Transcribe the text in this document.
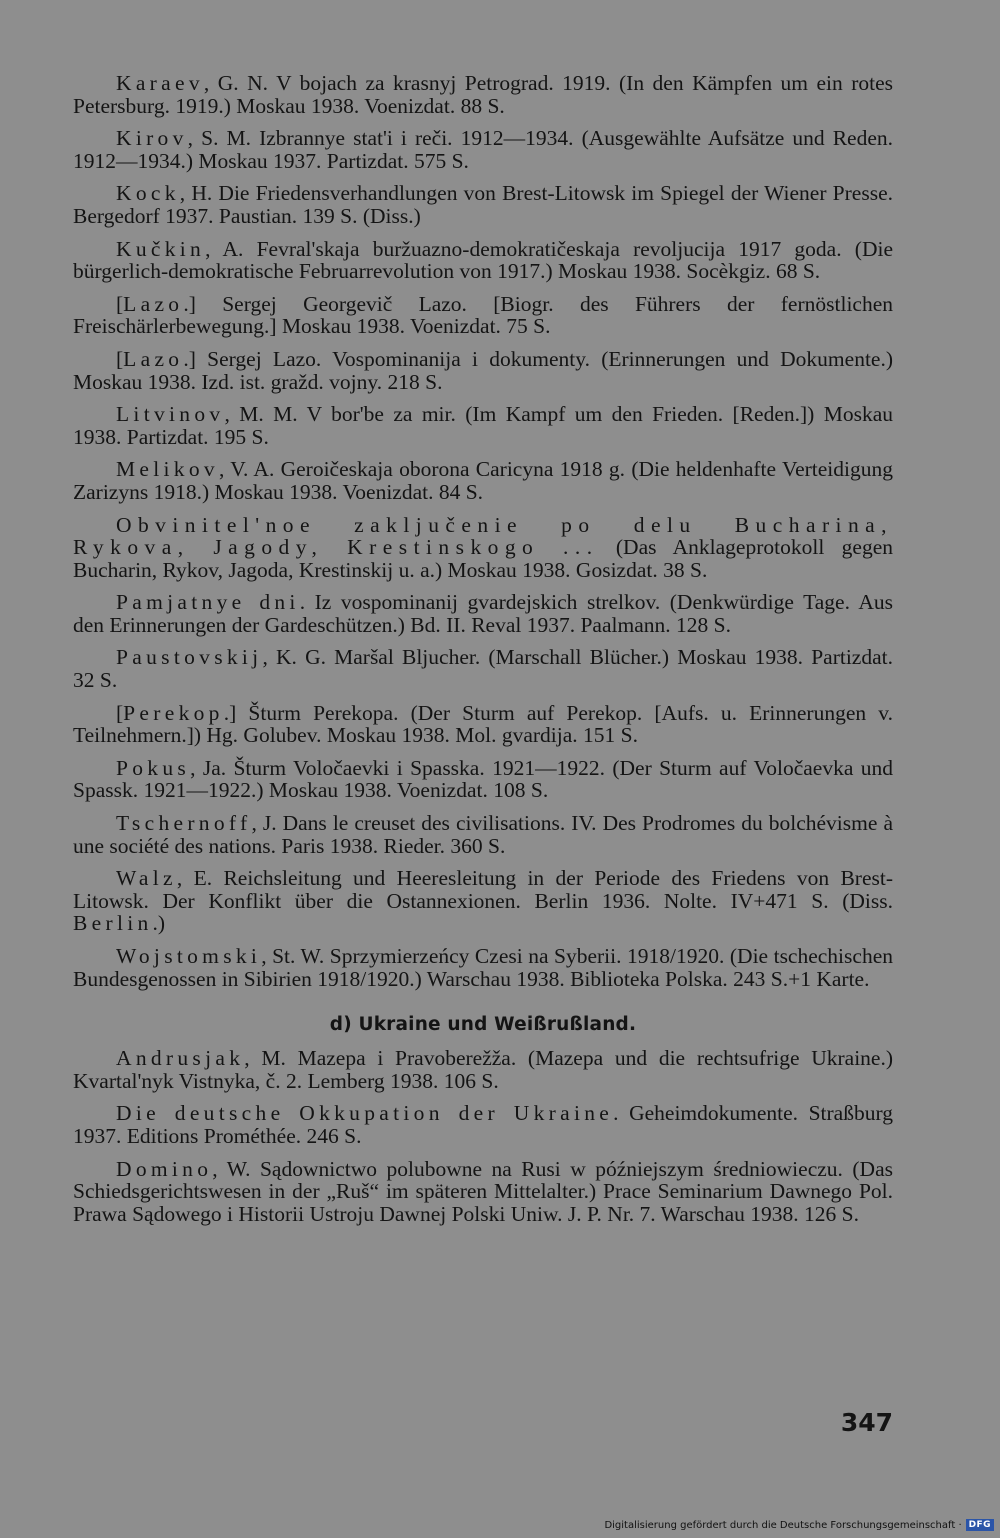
Karaev, G. N. V bojach za krasnyj Petrograd. 1919. (In den Kämpfen um ein rotes Petersburg. 1919.) Moskau 1938. Voenizdat. 88 S.

Kirov, S. M. Izbrannye stat'i i reči. 1912—1934. (Ausgewählte Aufsätze und Reden. 1912—1934.) Moskau 1937. Partizdat. 575 S.

Kock, H. Die Friedensverhandlungen von Brest-Litowsk im Spiegel der Wiener Presse. Bergedorf 1937. Paustian. 139 S. (Diss.)

Kučkin, A. Fevral'skaja buržuazno-demokratičeskaja revoljucija 1917 goda. (Die bürgerlich-demokratische Februarrevolution von 1917.) Moskau 1938. Socèkgiz. 68 S.

[Lazo.] Sergej Georgevič Lazo. [Biogr. des Führers der fernöstlichen Freischärlerbewegung.] Moskau 1938. Voenizdat. 75 S.

[Lazo.] Sergej Lazo. Vospominanija i dokumenty. (Erinnerungen und Dokumente.) Moskau 1938. Izd. ist. gražd. vojny. 218 S.

Litvinov, M. M. V bor'be za mir. (Im Kampf um den Frieden. [Reden.]) Moskau 1938. Partizdat. 195 S.

Melikov, V. A. Geroičeskaja oborona Caricyna 1918 g. (Die heldenhafte Verteidigung Zarizyns 1918.) Moskau 1938. Voenizdat. 84 S.

Obvinitel'noe zaključenie po delu Bucharina, Rykova, Jagody, Krestinskogo ... (Das Anklageprotokoll gegen Bucharin, Rykov, Jagoda, Krestinskij u. a.) Moskau 1938. Gosizdat. 38 S.

Pamjatnye dni. Iz vospominanij gvardejskich strelkov. (Denkwürdige Tage. Aus den Erinnerungen der Gardeschützen.) Bd. II. Reval 1937. Paalmann. 128 S.

Paustovskij, K. G. Maršal Bljucher. (Marschall Blücher.) Moskau 1938. Partizdat. 32 S.

[Perekop.] Šturm Perekopa. (Der Sturm auf Perekop. [Aufs. u. Erinnerungen v. Teilnehmern.]) Hg. Golubev. Moskau 1938. Mol. gvardija. 151 S.

Pokus, Ja. Šturm Voločaevki i Spasska. 1921—1922. (Der Sturm auf Voločaevka und Spassk. 1921—1922.) Moskau 1938. Voenizdat. 108 S.

Tschernoff, J. Dans le creuset des civilisations. IV. Des Prodromes du bolchévisme à une société des nations. Paris 1938. Rieder. 360 S.

Walz, E. Reichsleitung und Heeresleitung in der Periode des Friedens von Brest-Litowsk. Der Konflikt über die Ostannexionen. Berlin 1936. Nolte. IV+471 S. (Diss. Berlin.)

Wojstomski, St. W. Sprzymierzeńcy Czesi na Syberii. 1918/1920. (Die tschechischen Bundesgenossen in Sibirien 1918/1920.) Warschau 1938. Biblioteka Polska. 243 S.+1 Karte.

d) Ukraine und Weißrußland.

Andrusjak, M. Mazepa i Pravoberežža. (Mazepa und die rechtsufrige Ukraine.) Kvartal'nyk Vistnyka, č. 2. Lemberg 1938. 106 S.

Die deutsche Okkupation der Ukraine. Geheimdokumente. Straßburg 1937. Editions Prométhée. 246 S.

Domino, W. Sądownictwo polubowne na Rusi w późniejszym średniowieczu. (Das Schiedsgerichtswesen in der „Ruš“ im späteren Mittelalter.) Prace Seminarium Dawnego Pol. Prawa Sądowego i Historii Ustroju Dawnej Polski Uniw. J. P. Nr. 7. Warschau 1938. 126 S.

347
Digitalisierung gefördert durch die Deutsche Forschungsgemeinschaft · DFG
